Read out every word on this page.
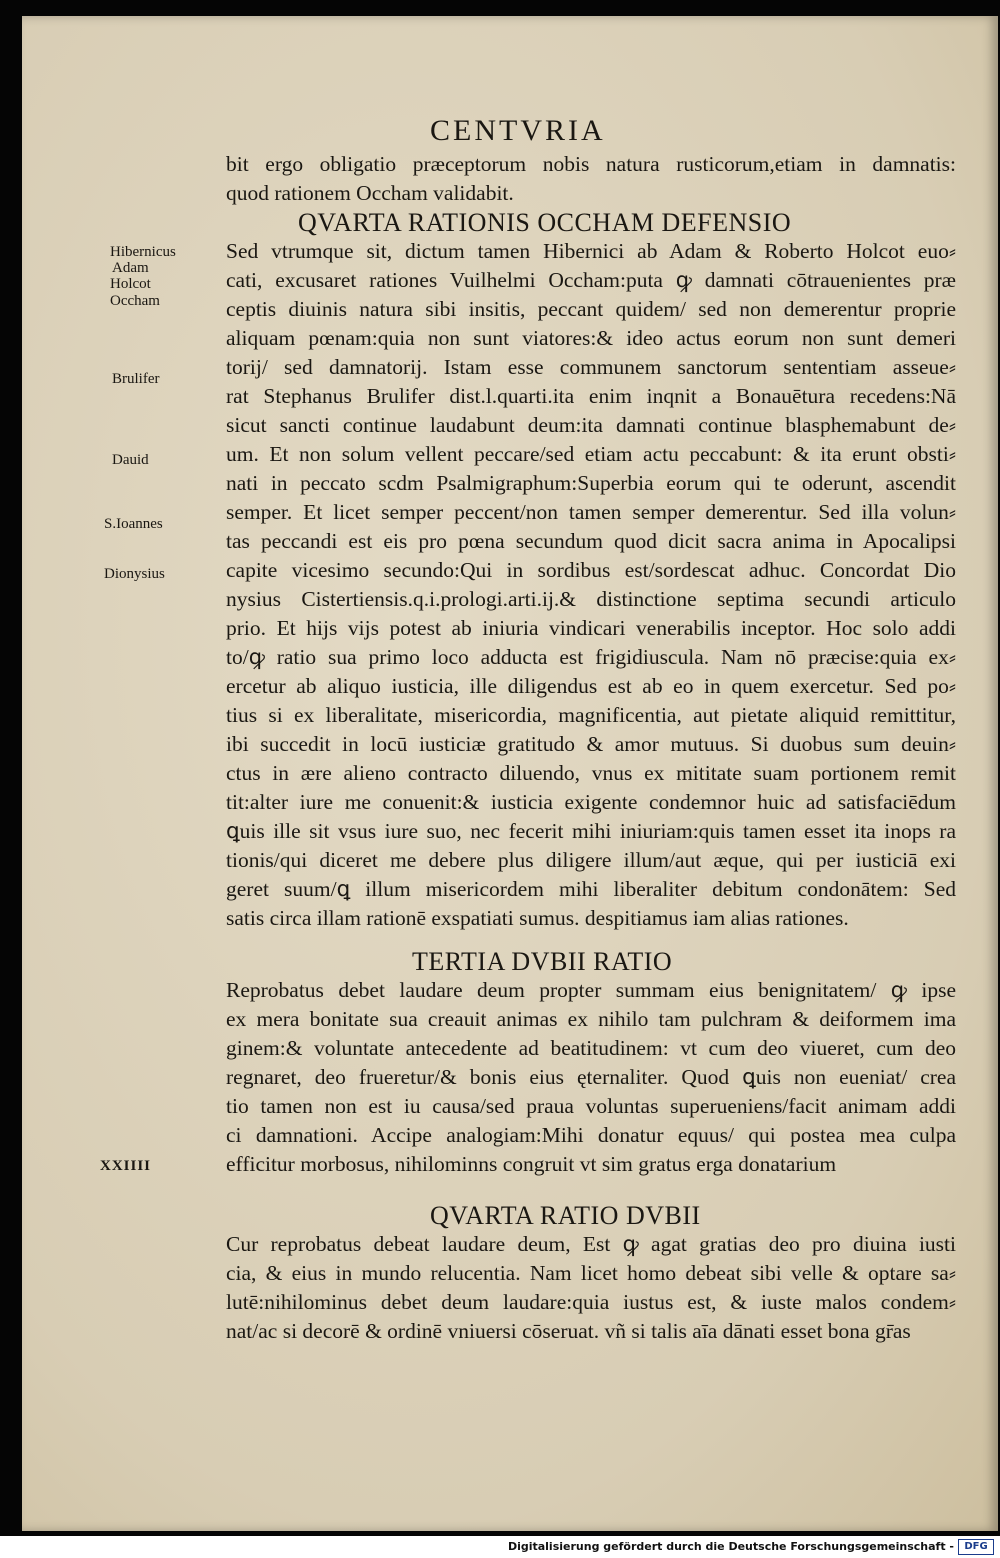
CENTVRIA
Hibernicus
Adam
Holcot
Occham
Brulifer
Dauid
S.Ioannes
Dionysius
XXIIII
bit ergo obligatio præceptorum nobis natura rusticorum,etiam in damnatis:
quod rationem Occham validabit.
QVARTA RATIONIS OCCHAM DEFENSIO
Sed vtrumque sit, dictum tamen Hibernici ab Adam & Roberto Holcot euo⸗
cati, excusaret rationes Vuilhelmi Occham:puta ꝙ damnati cōtrauenientes præ
ceptis diuinis natura sibi insitis, peccant quidem/ sed non demerentur proprie
aliquam pœnam:quia non sunt viatores:& ideo actus eorum non sunt demeri
torij/ sed damnatorij. Istam esse communem sanctorum sententiam asseue⸗
rat Stephanus Brulifer dist.l.quarti.ita enim inqnit a Bonauētura recedens:Nā
sicut sancti continue laudabunt deum:ita damnati continue blasphemabunt de⸗
um. Et non solum vellent peccare/sed etiam actu peccabunt: & ita erunt obsti⸗
nati in peccato scdm Psalmigraphum:Superbia eorum qui te oderunt, ascendit
semper. Et licet semper peccent/non tamen semper demerentur. Sed illa volun⸗
tas peccandi est eis pro pœna secundum quod dicit sacra anima in Apocalipsi
capite vicesimo secundo:Qui in sordibus est/sordescat adhuc. Concordat Dio
nysius Cistertiensis.q.i.prologi.arti.ij.& distinctione septima secundi articulo
prio. Et hijs vijs potest ab iniuria vindicari venerabilis inceptor. Hoc solo addi
to/ꝙ ratio sua primo loco adducta est frigidiuscula. Nam nō præcise:quia ex⸗
ercetur ab aliquo iusticia, ille diligendus est ab eo in quem exercetur. Sed po⸗
tius si ex liberalitate, misericordia, magnificentia, aut pietate aliquid remittitur,
ibi succedit in locū iusticiæ gratitudo & amor mutuus. Si duobus sum deuin⸗
ctus in ære alieno contracto diluendo, vnus ex mititate suam portionem remit
tit:alter iure me conuenit:& iusticia exigente condemnor huic ad satisfaciēdum
ꝗuis ille sit vsus iure suo, nec fecerit mihi iniuriam:quis tamen esset ita inops ra
tionis/qui diceret me debere plus diligere illum/aut æque, qui per iusticiā exi
geret suum/ꝗ illum misericordem mihi liberaliter debitum condonātem: Sed
satis circa illam rationē exspatiati sumus. despitiamus iam alias rationes.
TERTIA DVBII RATIO
Reprobatus debet laudare deum propter summam eius benignitatem/ ꝙ ipse
ex mera bonitate sua creauit animas ex nihilo tam pulchram & deiformem ima
ginem:& voluntate antecedente ad beatitudinem: vt cum deo viueret, cum deo
regnaret, deo frueretur/& bonis eius ęternaliter. Quod ꝗuis non eueniat/ crea
tio tamen non est iu causa/sed praua voluntas superueniens/facit animam addi
ci damnationi. Accipe analogiam:Mihi donatur equus/ qui postea mea culpa
efficitur morbosus, nihilominns congruit vt sim gratus erga donatarium
QVARTA RATIO DVBII
Cur reprobatus debeat laudare deum, Est ꝙ agat gratias deo pro diuina iusti
cia, & eius in mundo relucentia. Nam licet homo debeat sibi velle & optare sa⸗
lutē:nihilominus debet deum laudare:quia iustus est, & iuste malos condem⸗
nat/ac si decorē & ordinē vniuersi cōseruat. vñ si talis aīa dānati esset bona gr̄as
Digitalisierung gefördert durch die Deutsche Forschungsgemeinschaft -	DFG
